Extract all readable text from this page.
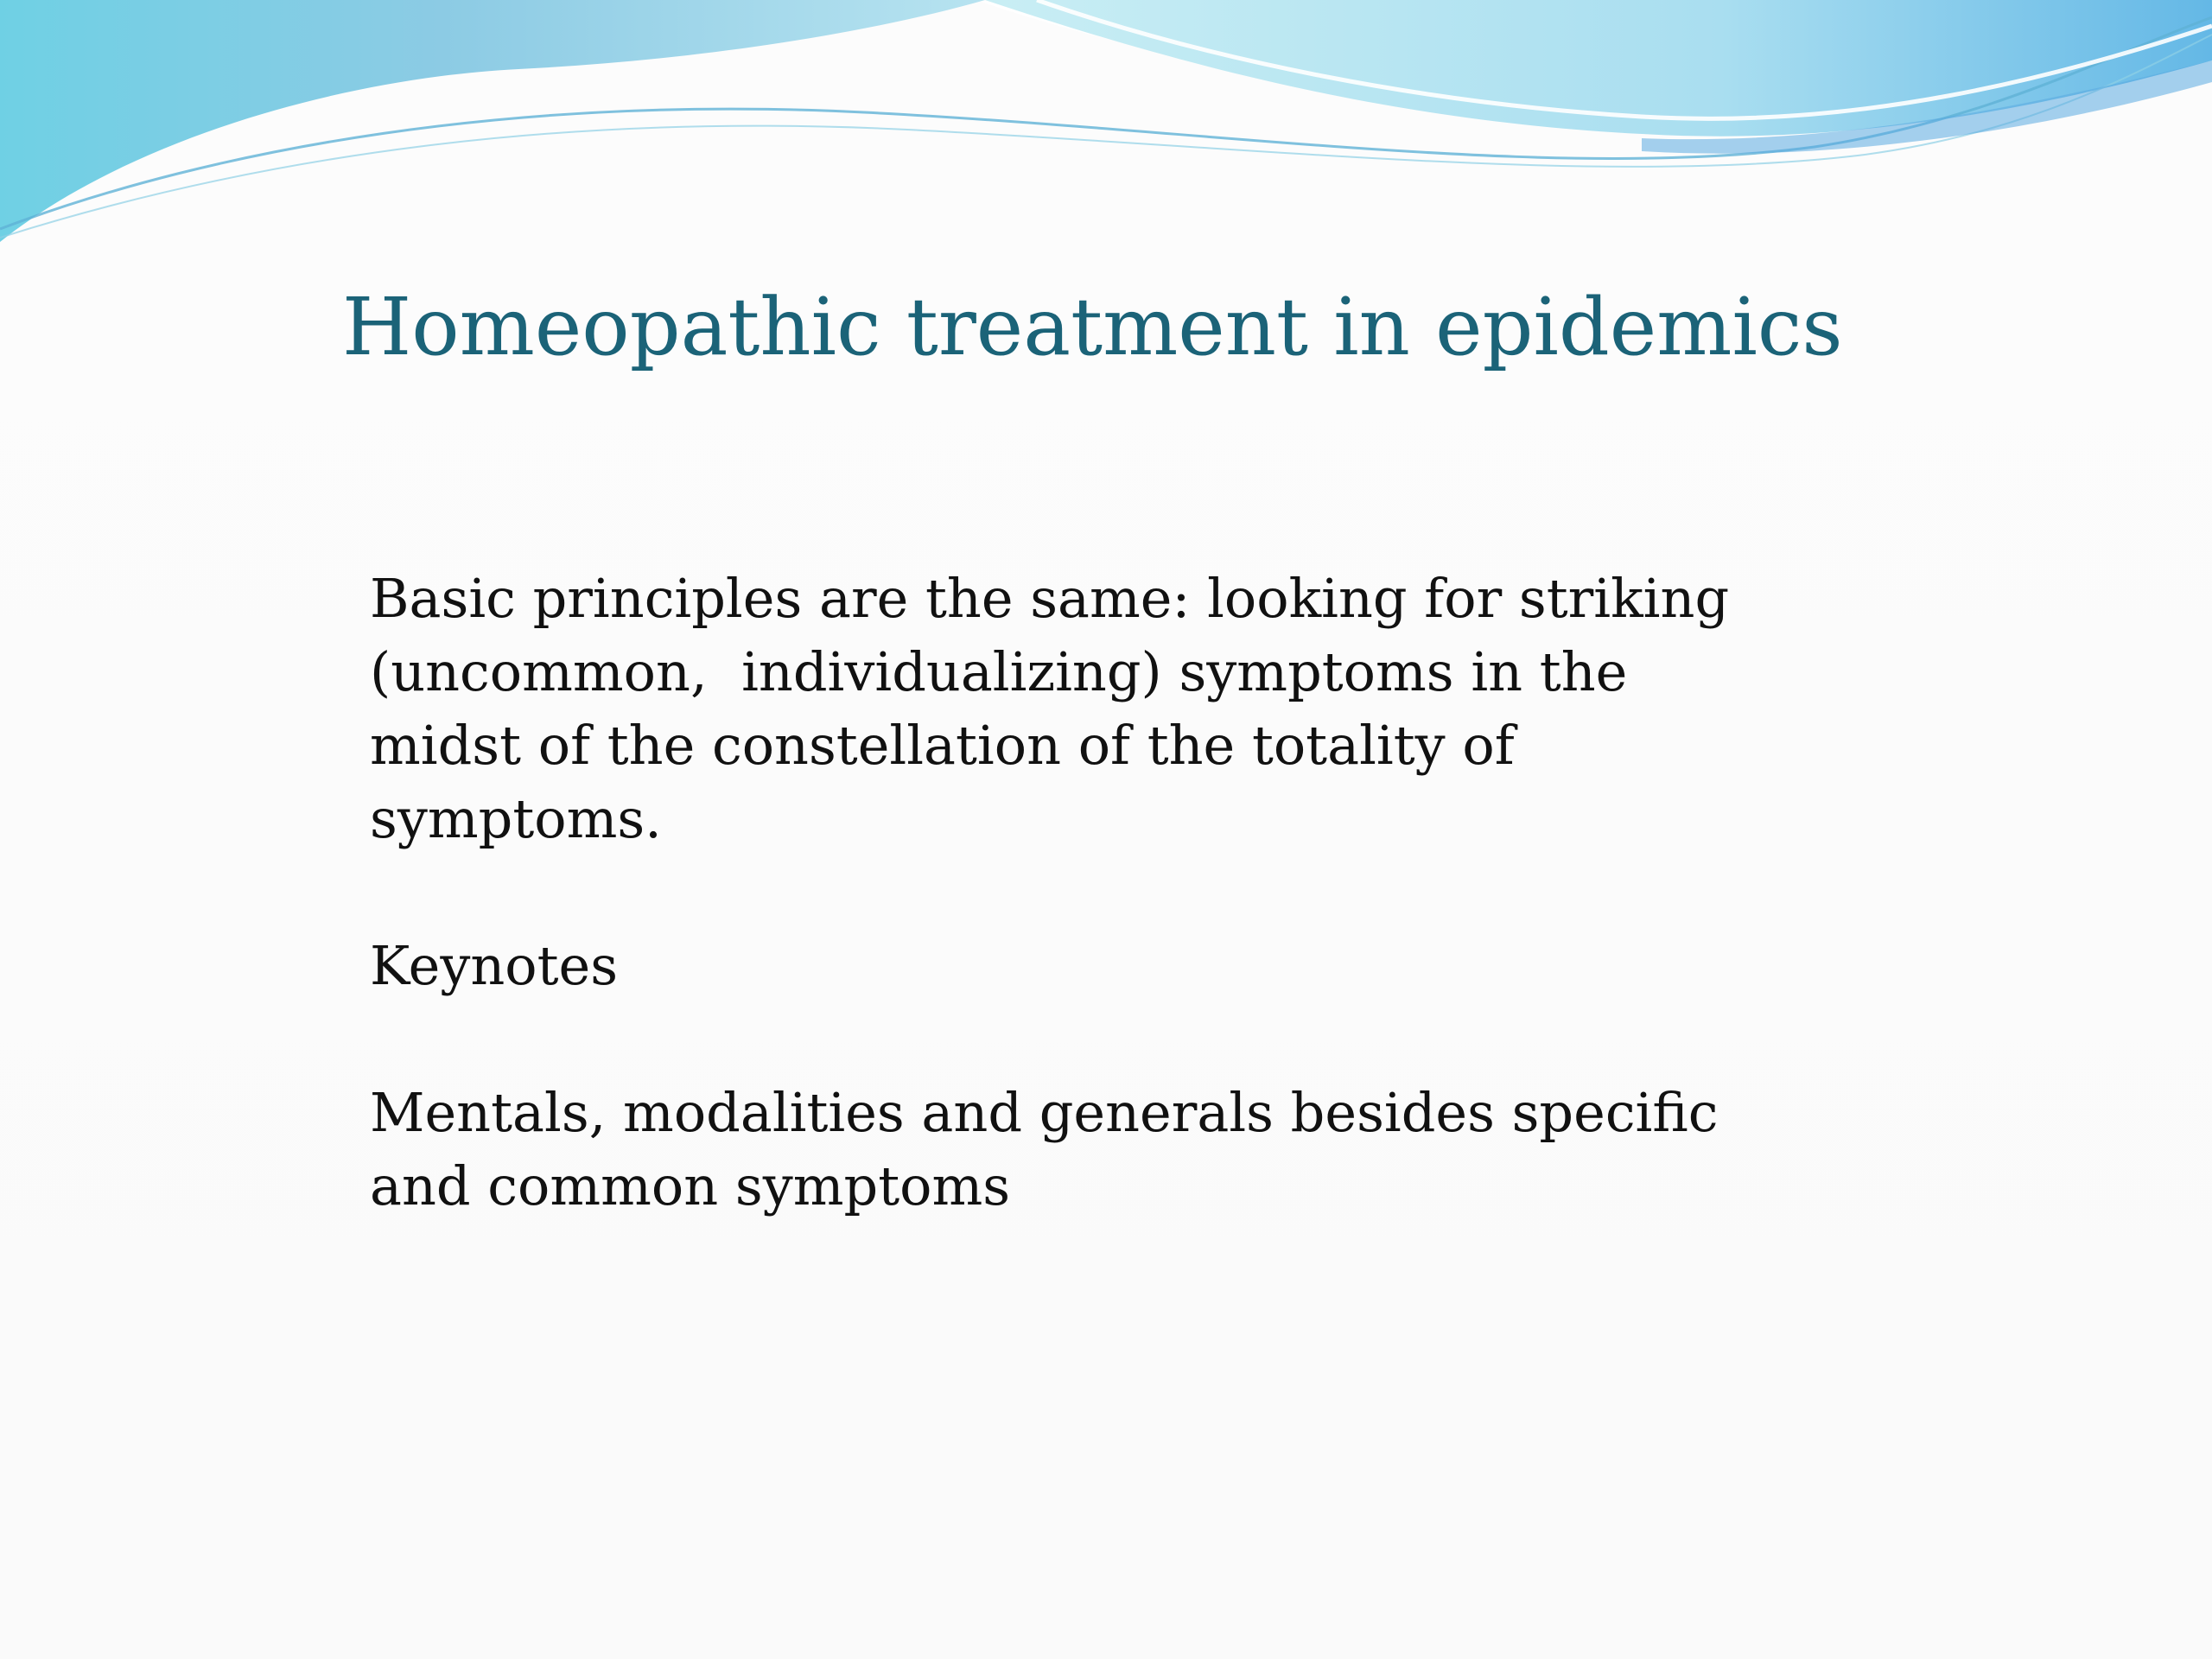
Homeopathic treatment in epidemics

Basic principles are the same: looking for striking (uncommon,  individualizing) symptoms in the midst of the constellation of the totality of symptoms.

Keynotes

Mentals, modalities and generals besides specific and common symptoms
